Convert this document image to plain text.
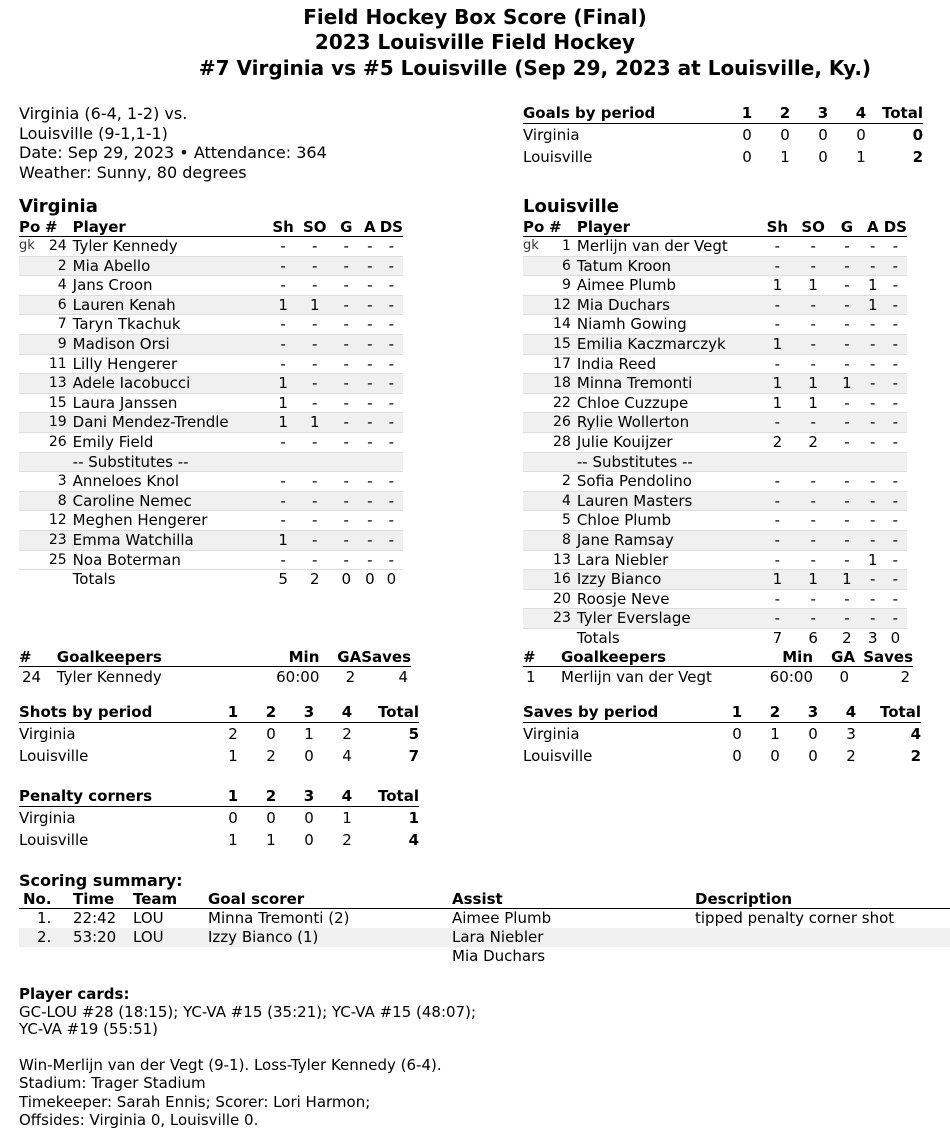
Field Hockey Box Score (Final)
2023 Louisville Field Hockey
#7 Virginia vs #5 Louisville (Sep 29, 2023 at Louisville, Ky.)
Virginia (6-4, 1-2) vs.
Louisville (9-1,1-1)
Date: Sep 29, 2023 • Attendance: 364
Weather: Sunny, 80 degrees
Goals by period	1	2	3	4	Total
Virginia	0	0	0	0	0
Louisville	0	1	0	1	2
Virginia	Louisville
Po	#	Player	Sh	SO	G	A	DS
gk	24	Tyler Kennedy	-	-	-	-	-
	2	Mia Abello	-	-	-	-	-
	4	Jans Croon	-	-	-	-	-
	6	Lauren Kenah	1	1	-	-	-
	7	Taryn Tkachuk	-	-	-	-	-
	9	Madison Orsi	-	-	-	-	-
	11	Lilly Hengerer	-	-	-	-	-
	13	Adele Iacobucci	1	-	-	-	-
	15	Laura Janssen	1	-	-	-	-
	19	Dani Mendez-Trendle	1	1	-	-	-
	26	Emily Field	-	-	-	-	-
		-- Substitutes --					
	3	Anneloes Knol	-	-	-	-	-
	8	Caroline Nemec	-	-	-	-	-
	12	Meghen Hengerer	-	-	-	-	-
	23	Emma Watchilla	1	-	-	-	-
	25	Noa Boterman	-	-	-	-	-
		Totals	5	2	0	0	0
Po	#	Player	Sh	SO	G	A	DS
gk	1	Merlijn van der Vegt	-	-	-	-	-
	6	Tatum Kroon	-	-	-	-	-
	9	Aimee Plumb	1	1	-	1	-
	12	Mia Duchars	-	-	-	1	-
	14	Niamh Gowing	-	-	-	-	-
	15	Emilia Kaczmarczyk	1	-	-	-	-
	17	India Reed	-	-	-	-	-
	18	Minna Tremonti	1	1	1	-	-
	22	Chloe Cuzzupe	1	1	-	-	-
	26	Rylie Wollerton	-	-	-	-	-
	28	Julie Kouijzer	2	2	-	-	-
		-- Substitutes --					
	2	Sofia Pendolino	-	-	-	-	-
	4	Lauren Masters	-	-	-	-	-
	5	Chloe Plumb	-	-	-	-	-
	8	Jane Ramsay	-	-	-	-	-
	13	Lara Niebler	-	-	-	1	-
	16	Izzy Bianco	1	1	1	-	-
	20	Roosje Neve	-	-	-	-	-
	23	Tyler Everslage	-	-	-	-	-
		Totals	7	6	2	3	0
#	Goalkeepers	Min	GA	Saves
24	Tyler Kennedy	60:00	2	4
#	Goalkeepers	Min	GA	Saves
1	Merlijn van der Vegt	60:00	0	2
Shots by period	1	2	3	4	Total
Virginia	2	0	1	2	5
Louisville	1	2	0	4	7
Saves by period	1	2	3	4	Total
Virginia	0	1	0	3	4
Louisville	0	0	0	2	2
Penalty corners	1	2	3	4	Total
Virginia	0	0	0	1	1
Louisville	1	1	0	2	4
Scoring summary:
No.	Time	Team	Goal scorer	Assist	Description
1.	22:42	LOU	Minna Tremonti (2)	Aimee Plumb	tipped penalty corner shot
2.	53:20	LOU	Izzy Bianco (1)	Lara Niebler	

				Mia Duchars	
Player cards:
GC-LOU #28 (18:15); YC-VA #15 (35:21); YC-VA #15 (48:07);
YC-VA #19 (55:51)
Win-Merlijn van der Vegt (9-1). Loss-Tyler Kennedy (6-4).
Stadium: Trager Stadium
Timekeeper: Sarah Ennis; Scorer: Lori Harmon;
Offsides: Virginia 0, Louisville 0.
